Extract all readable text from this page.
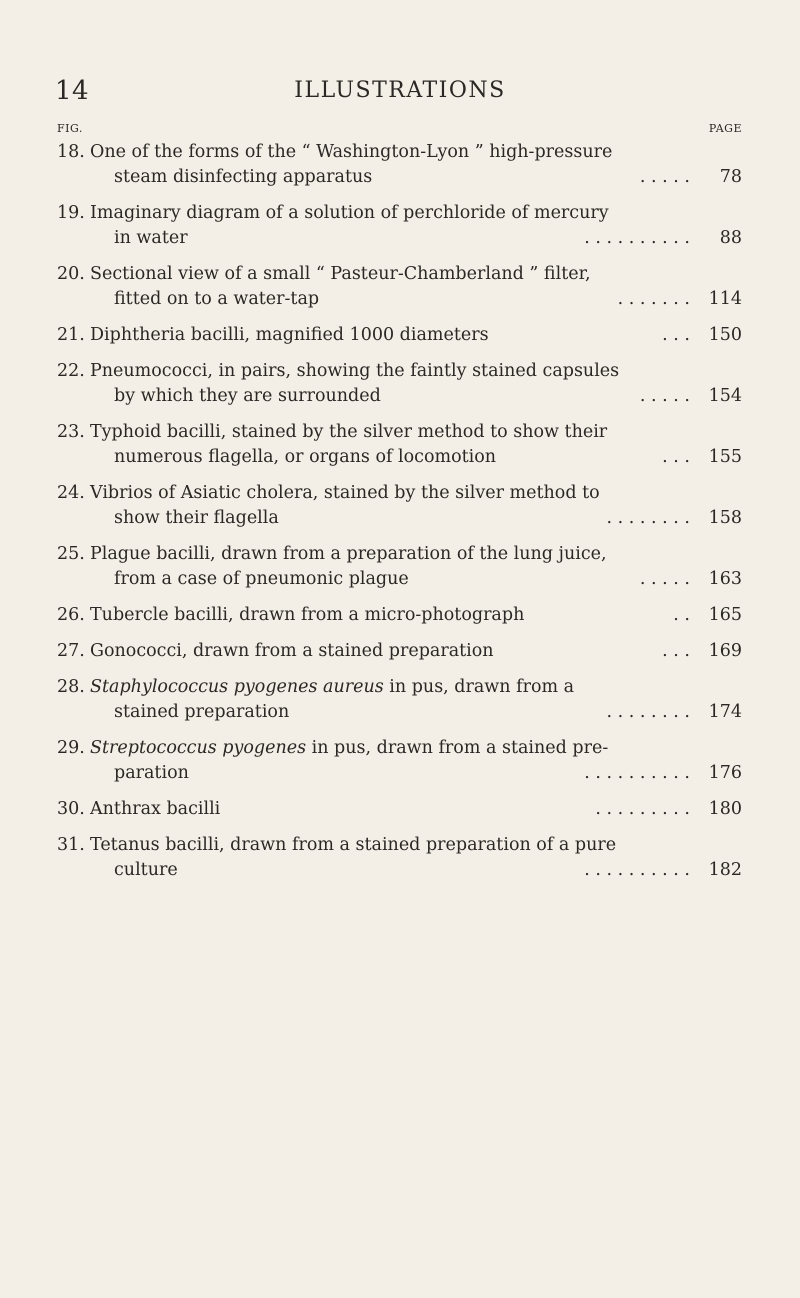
14	ILLUSTRATIONS
FIG.	PAGE
18. One of the forms of the “ Washington-Lyon ” high-pressure
steam disinfecting apparatus	78
. . . . .
19. Imaginary diagram of a solution of perchloride of mercury
in water	88
. . . . . . . . . .
20. Sectional view of a small “ Pasteur-Chamberland ” filter,
fitted on to a water-tap	114
. . . . . . .
21. Diphtheria bacilli, magnified 1000 diameters	150
. . .
22. Pneumococci, in pairs, showing the faintly stained capsules
by which they are surrounded	154
. . . . .
23. Typhoid bacilli, stained by the silver method to show their
numerous flagella, or organs of locomotion	155
. . .
24. Vibrios of Asiatic cholera, stained by the silver method to
show their flagella	158
. . . . . . . .
25. Plague bacilli, drawn from a preparation of the lung juice,
from a case of pneumonic plague	163
. . . . .
26. Tubercle bacilli, drawn from a micro-photograph	165
. .
27. Gonococci, drawn from a stained preparation	169
. . .
28. Staphylococcus pyogenes aureus in pus, drawn from a
stained preparation	174
. . . . . . . .
29. Streptococcus pyogenes in pus, drawn from a stained pre-
paration	176
. . . . . . . . . .
30. Anthrax bacilli	180
. . . . . . . . .
31. Tetanus bacilli, drawn from a stained preparation of a pure
culture	182
. . . . . . . . . .
